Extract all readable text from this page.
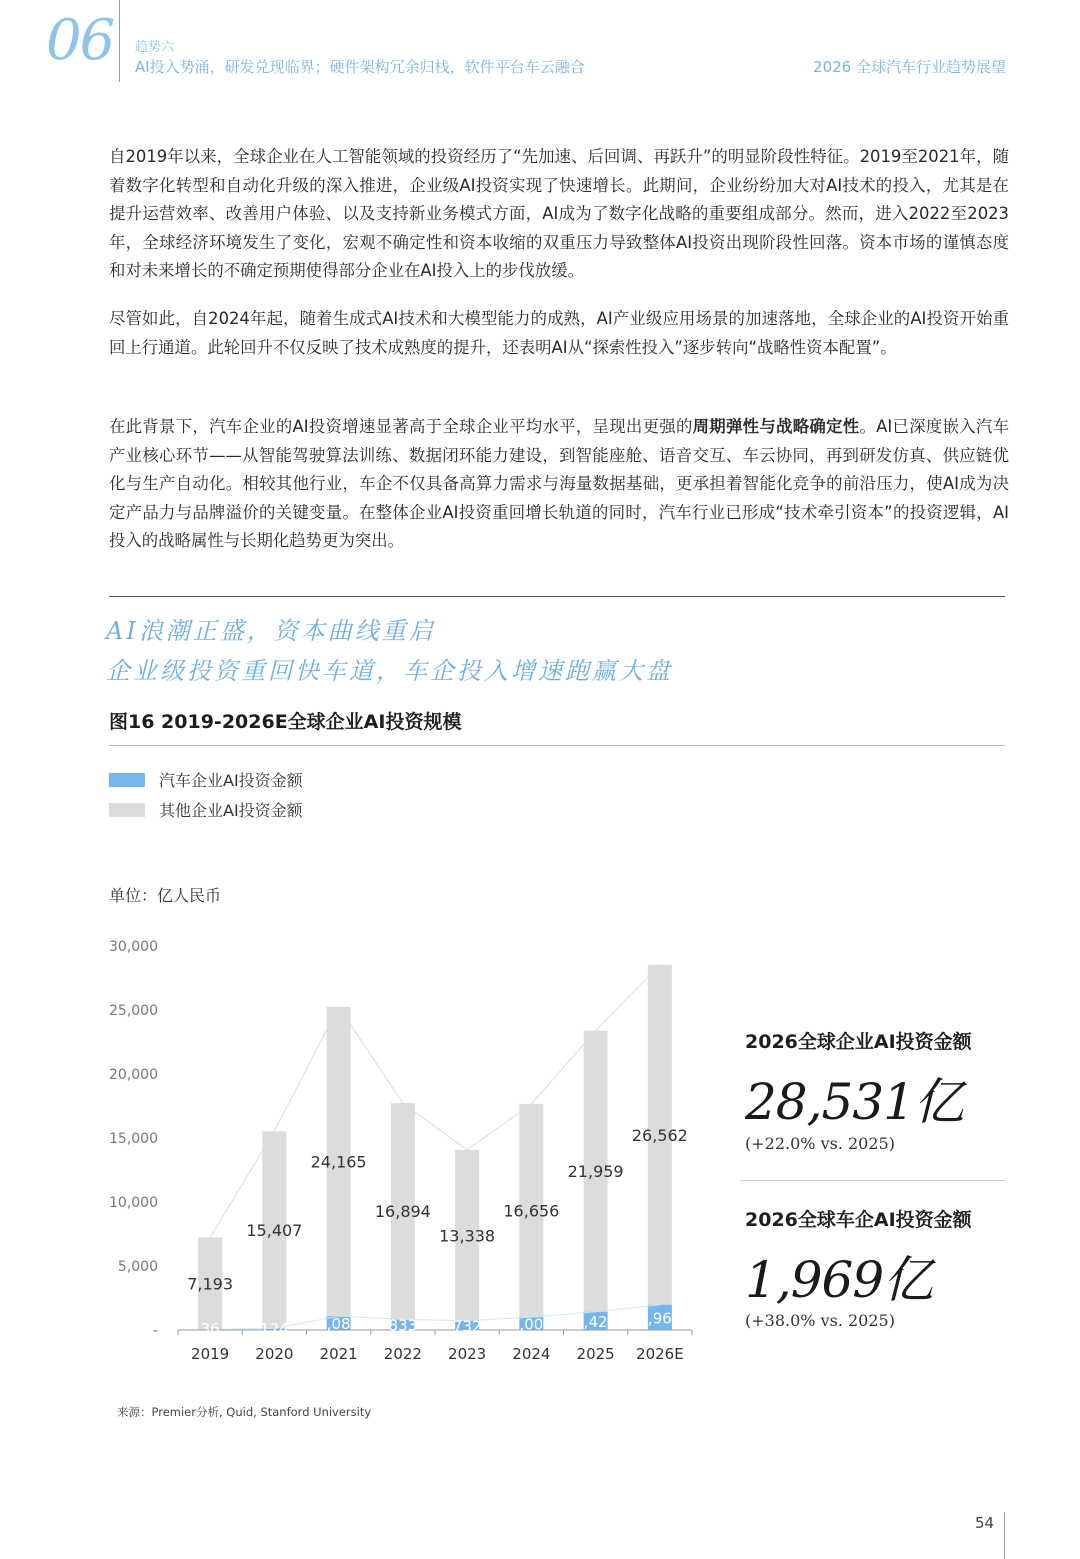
06 趋势六
AI投入势涌，研发兑现临界；硬件架构冗余归栈，软件平台车云融合	2026 全球汽车行业趋势展望

自2019年以来，全球企业在人工智能领域的投资经历了“先加速、后回调、再跃升”的明显阶段性特征。2019至2021年，随着数字化转型和自动化升级的深入推进，企业级AI投资实现了快速增长。此期间，企业纷纷加大对AI技术的投入，尤其是在提升运营效率、改善用户体验、以及支持新业务模式方面，AI成为了数字化战略的重要组成部分。然而，进入2022至2023年，全球经济环境发生了变化，宏观不确定性和资本收缩的双重压力导致整体AI投资出现阶段性回落。资本市场的谨慎态度和对未来增长的不确定预期使得部分企业在AI投入上的步伐放缓。

尽管如此，自2024年起，随着生成式AI技术和大模型能力的成熟，AI产业级应用场景的加速落地，全球企业的AI投资开始重回上行通道。此轮回升不仅反映了技术成熟度的提升，还表明AI从“探索性投入”逐步转向“战略性资本配置”。

在此背景下，汽车企业的AI投资增速显著高于全球企业平均水平，呈现出更强的周期弹性与战略确定性。AI已深度嵌入汽车产业核心环节——从智能驾驶算法训练、数据闭环能力建设，到智能座舱、语音交互、车云协同，再到研发仿真、供应链优化与生产自动化。相较其他行业，车企不仅具备高算力需求与海量数据基础，更承担着智能化竞争的前沿压力，使AI成为决定产品力与品牌溢价的关键变量。在整体企业AI投资重回增长轨道的同时，汽车行业已形成“技术牵引资本”的投资逻辑，AI投入的战略属性与长期化趋势更为突出。

AI浪潮正盛，资本曲线重启
企业级投资重回快车道，车企投入增速跑赢大盘
图16 2019-2026E全球企业AI投资规模
汽车企业AI投资金额
其他企业AI投资金额
单位：亿人民币
-
5,000
10,000
15,000
20,000
25,000
30,000
7,193
36
2019
15,407
124
2020
24,165
1,086
2021
16,894
833
2022
13,338
732
2023
16,656
1,007
2024
21,959
1,427
2025
26,562
1,969
2026E
2026全球企业AI投资金额
28,531亿
(+22.0% vs. 2025)
2026全球车企AI投资金额
1,969亿
(+38.0% vs. 2025)
来源：Premier分析, Quid, Stanford University
54
